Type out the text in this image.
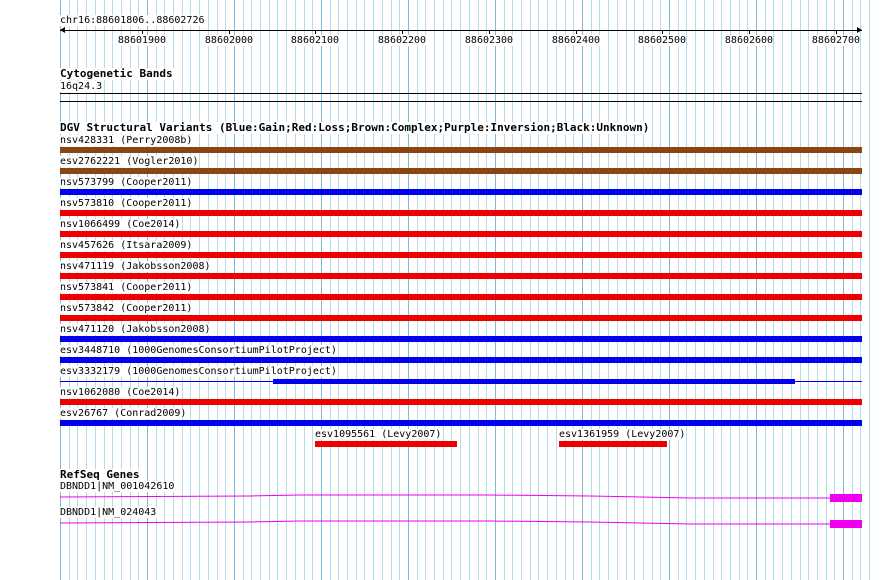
chr16:88601806..88602726
88601900	88602000	88602100	88602200	88602300	88602400	88602500	88602600	88602700
Cytogenetic Bands
16q24.3
DGV Structural Variants (Blue:Gain;Red:Loss;Brown:Complex;Purple:Inversion;Black:Unknown)
nsv428331 (Perry2008b)
esv2762221 (Vogler2010)
nsv573799 (Cooper2011)
nsv573810 (Cooper2011)
nsv1066499 (Coe2014)
nsv457626 (Itsara2009)
nsv471119 (Jakobsson2008)
nsv573841 (Cooper2011)
nsv573842 (Cooper2011)
nsv471120 (Jakobsson2008)
esv3448710 (1000GenomesConsortiumPilotProject)
esv3332179 (1000GenomesConsortiumPilotProject)
nsv1062080 (Coe2014)
esv26767 (Conrad2009)
esv1095561 (Levy2007)	esv1361959 (Levy2007)
RefSeq Genes
DBNDD1|NM_001042610
DBNDD1|NM_024043
